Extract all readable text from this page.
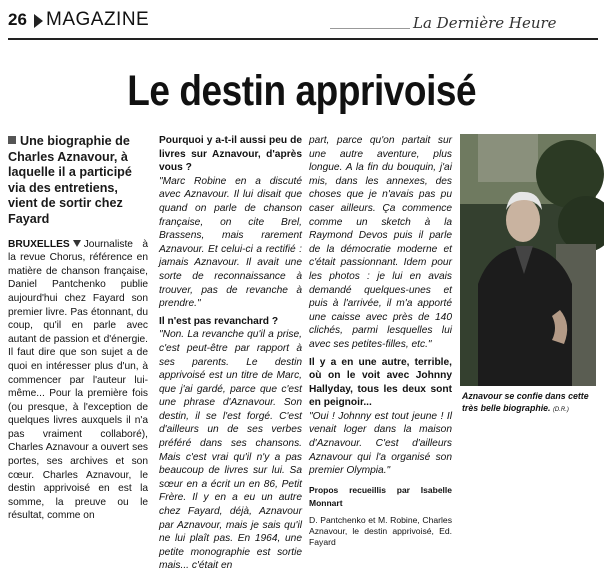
26 MAGAZINE	La Dernière Heure
Le destin apprivoisé
Une biographie de Charles Aznavour, à laquelle il a participé via des entretiens, vient de sortir chez Fayard

BRUXELLES Journaliste à la revue Chorus, référence en matière de chanson française, Daniel Pantchenko publie aujourd'hui chez Fayard son premier livre. Pas étonnant, du coup, qu'il en parle avec autant de passion et d'énergie. Il faut dire que son sujet a de quoi en intéresser plus d'un, à commencer par l'auteur lui-même... Pour la première fois (ou presque, à l'exception de quelques livres auxquels il n'a pas vraiment collaboré), Charles Aznavour a ouvert ses portes, ses archives et son cœur. Charles Aznavour, le destin apprivoisé en est la somme, la preuve ou le résultat, comme on

Pourquoi y a-t-il aussi peu de livres sur Aznavour, d'après vous ?

"Marc Robine en a discuté avec Aznavour. Il lui disait que quand on parle de chanson française, on cite Brel, Brassens, mais rarement Aznavour. Et celui-ci a rectifié : jamais Aznavour. Il avait une sorte de reconnaissance à trouver, pas de revanche à prendre."

Il n'est pas revanchard ?

"Non. La revanche qu'il a prise, c'est peut-être par rapport à ses parents. Le destin apprivoisé est un titre de Marc, que j'ai gardé, parce que c'est une phrase d'Aznavour. Son destin, il se l'est forgé. C'est d'ailleurs un de ses verbes préféré dans ses chansons. Mais c'est vrai qu'il n'y a pas beaucoup de livres sur lui. Sa sœur en a écrit un en 86, Petit Frère. Il y en a eu un autre chez Fayard, déjà, Aznavour par Aznavour, mais je sais qu'il ne lui plaît pas. En 1964, une petite monographie est sortie mais... c'était en

part, parce qu'on partait sur une autre aventure, plus longue. A la fin du bouquin, j'ai mis, dans les annexes, des choses que je n'avais pas pu caser ailleurs. Ça commence comme un sketch à la Raymond Devos puis il parle de la démocratie moderne et c'était passionnant. Idem pour les photos : je lui en avais demandé quelques-unes et puis à l'arrivée, il m'a apporté une caisse avec près de 140 clichés, parmi lesquelles lui avec ses petites-filles, etc."

Il y a en une autre, terrible, où on le voit avec Johnny Hallyday, tous les deux sont en peignoir...

"Oui ! Johnny est tout jeune ! Il venait loger dans la maison d'Aznavour. C'est d'ailleurs Aznavour qui l'a organisé son premier Olympia."

Propos recueillis par Isabelle Monnart

D. Pantchenko et M. Robine, Charles Aznavour, le destin apprivoisé, Ed. Fayard

Aznavour se confie dans cette très belle biographie. (D.R.)
